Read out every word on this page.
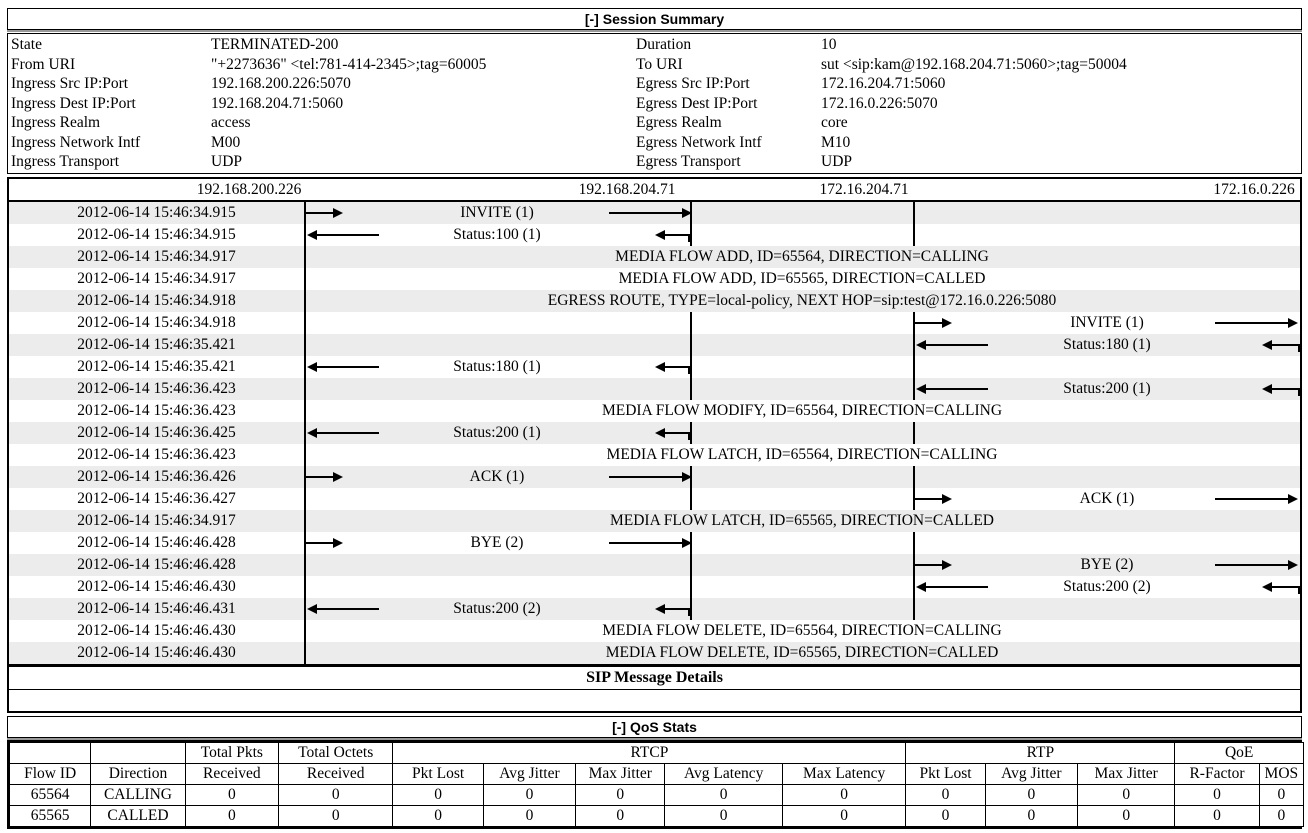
[-] Session Summary
State	TERMINATED-200	Duration	10
From URI	"+2273636" <tel:781-414-2345>;tag=60005	To URI	sut <sip:kam@192.168.204.71:5060>;tag=50004
Ingress Src IP:Port	192.168.200.226:5070	Egress Src IP:Port	172.16.204.71:5060
Ingress Dest IP:Port	192.168.204.71:5060	Egress Dest IP:Port	172.16.0.226:5070
Ingress Realm	access	Egress Realm	core
Ingress Network Intf	M00	Egress Network Intf	M10
Ingress Transport	UDP	Egress Transport	UDP
192.168.200.226	192.168.204.71	172.16.204.71	172.16.0.226
2012-06-14 15:46:34.915	INVITE (1)
2012-06-14 15:46:34.915	Status:100 (1)
2012-06-14 15:46:34.917	MEDIA FLOW ADD, ID=65564, DIRECTION=CALLING
2012-06-14 15:46:34.917	MEDIA FLOW ADD, ID=65565, DIRECTION=CALLED
2012-06-14 15:46:34.918	EGRESS ROUTE, TYPE=local-policy, NEXT HOP=sip:test@172.16.0.226:5080
2012-06-14 15:46:34.918	INVITE (1)
2012-06-14 15:46:35.421	Status:180 (1)
2012-06-14 15:46:35.421	Status:180 (1)
2012-06-14 15:46:36.423	Status:200 (1)
2012-06-14 15:46:36.423	MEDIA FLOW MODIFY, ID=65564, DIRECTION=CALLING
2012-06-14 15:46:36.425	Status:200 (1)
2012-06-14 15:46:36.423	MEDIA FLOW LATCH, ID=65564, DIRECTION=CALLING
2012-06-14 15:46:36.426	ACK (1)
2012-06-14 15:46:36.427	ACK (1)
2012-06-14 15:46:34.917	MEDIA FLOW LATCH, ID=65565, DIRECTION=CALLED
2012-06-14 15:46:46.428	BYE (2)
2012-06-14 15:46:46.428	BYE (2)
2012-06-14 15:46:46.430	Status:200 (2)
2012-06-14 15:46:46.431	Status:200 (2)
2012-06-14 15:46:46.430	MEDIA FLOW DELETE, ID=65564, DIRECTION=CALLING
2012-06-14 15:46:46.430	MEDIA FLOW DELETE, ID=65565, DIRECTION=CALLED
SIP Message Details
[-] QoS Stats
		Total Pkts	Total Octets	RTCP					RTP			QoE	
Flow ID	Direction	Received	Received	Pkt Lost	Avg Jitter	Max Jitter	Avg Latency	Max Latency	Pkt Lost	Avg Jitter	Max Jitter	R-Factor	MOS
65564	CALLING	0	0	0	0	0	0	0	0	0	0	0	0
65565	CALLED	0	0	0	0	0	0	0	0	0	0	0	0
